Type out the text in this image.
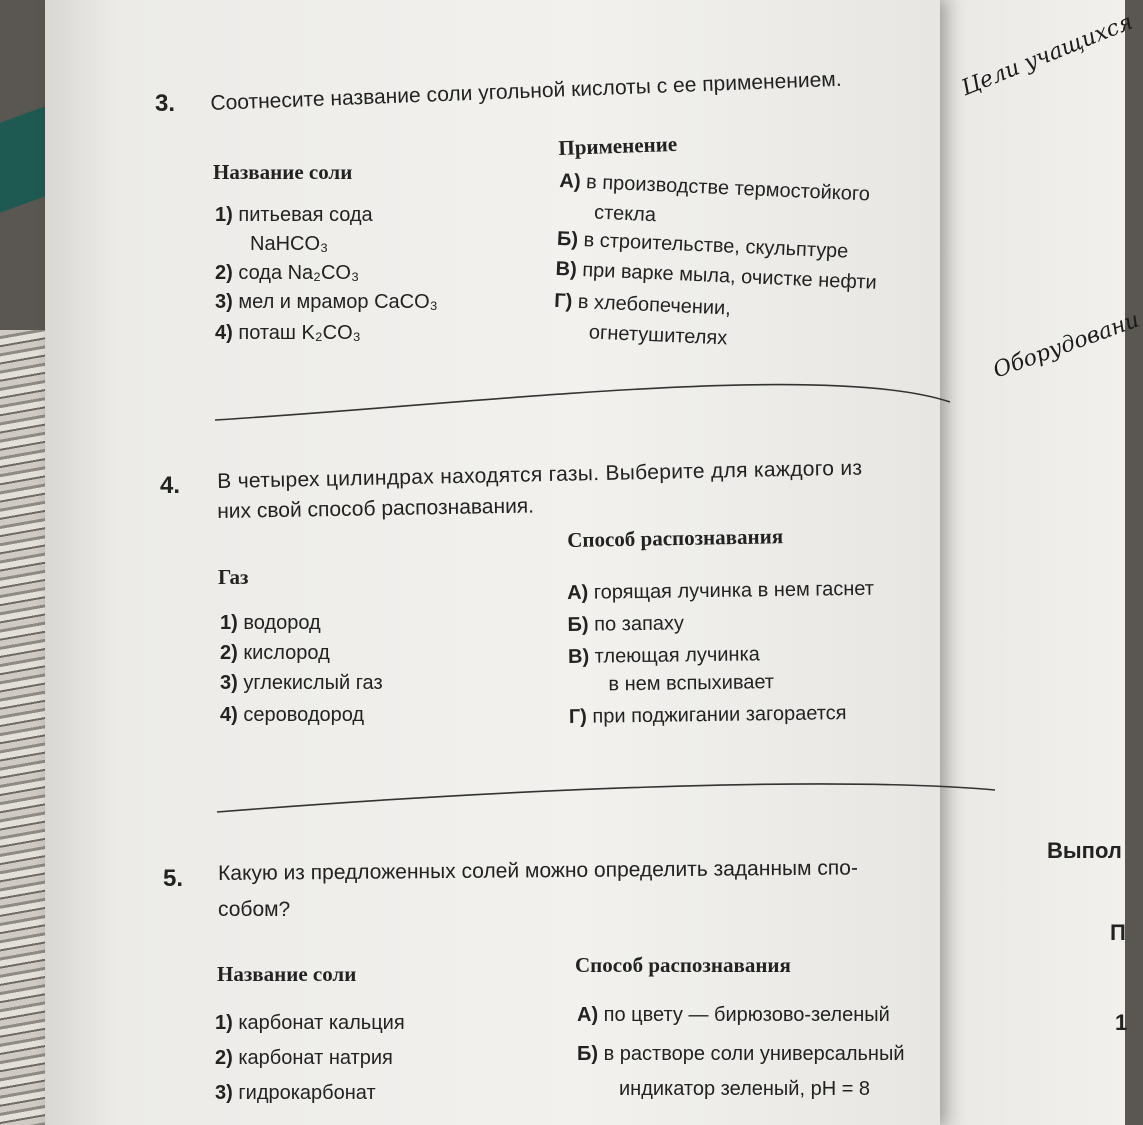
Цели учащихся
Оборудовани
Выпол
П
1
3. Соотнесите название соли угольной кислоты с ее применением.
Название соли
Применение
1) питьевая сода
NaHCO₃
2) сода Na₂CO₃
3) мел и мрамор CaCO₃
4) поташ K₂CO₃
А) в производстве термостойкого
стекла
Б) в строительстве, скульптуре
В) при варке мыла, очистке нефти
Г) в хлебопечении,
огнетушителях
4. В четырех цилиндрах находятся газы. Выберите для каждого из
них свой способ распознавания.
Газ
Способ распознавания
1) водород
2) кислород
3) углекислый газ
4) сероводород
А) горящая лучинка в нем гаснет
Б) по запаху
В) тлеющая лучинка
в нем вспыхивает
Г) при поджигании загорается
5. Какую из предложенных солей можно определить заданным спо-
собом?
Название соли	Способ распознавания
1) карбонат кальция
2) карбонат натрия
3) гидрокарбонат
А) по цвету — бирюзово-зеленый
Б) в растворе соли универсальный
индикатор зеленый, pH = 8
